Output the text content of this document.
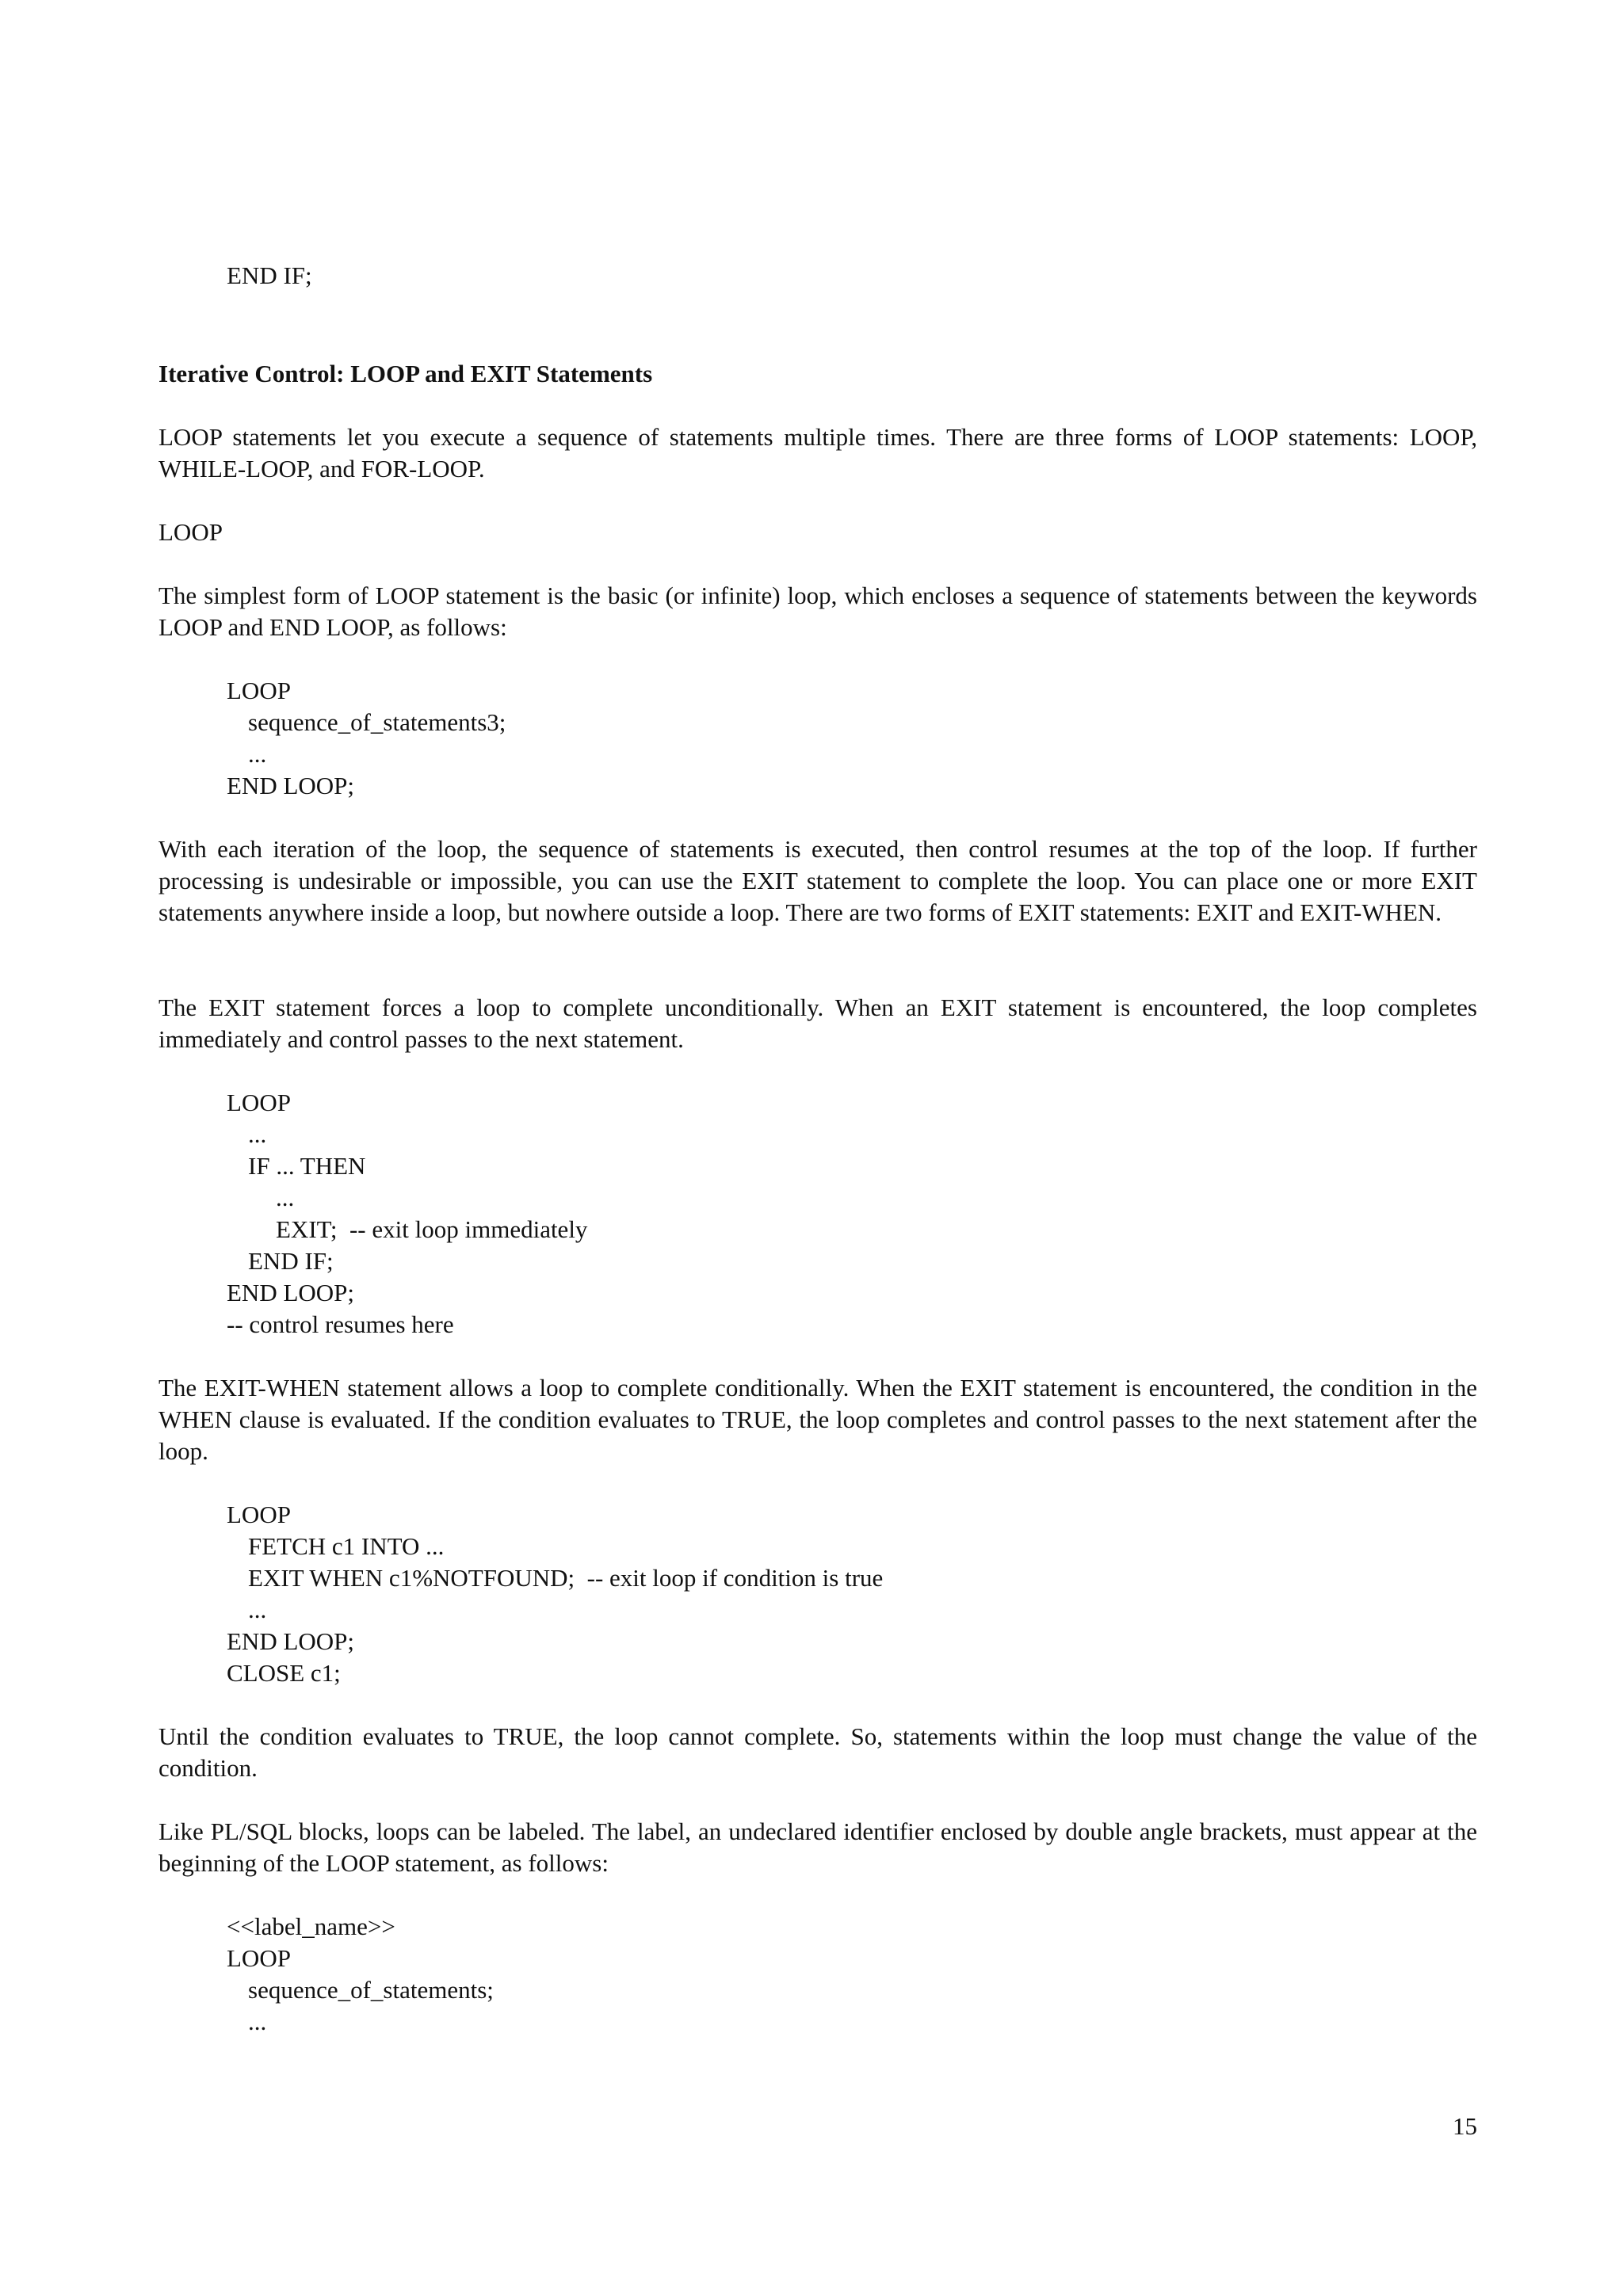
END IF;
Iterative Control: LOOP and EXIT Statements

LOOP statements let you execute a sequence of statements multiple times. There are three forms of LOOP statements: LOOP, WHILE-LOOP, and FOR-LOOP.

LOOP

The simplest form of LOOP statement is the basic (or infinite) loop, which encloses a sequence of statements between the keywords LOOP and END LOOP, as follows:

LOOP
sequence_of_statements3;
...
END LOOP;

With each iteration of the loop, the sequence of statements is executed, then control resumes at the top of the loop. If further processing is undesirable or impossible, you can use the EXIT statement to complete the loop. You can place one or more EXIT statements anywhere inside a loop, but nowhere outside a loop. There are two forms of EXIT statements: EXIT and EXIT-WHEN.

The EXIT statement forces a loop to complete unconditionally. When an EXIT statement is encountered, the loop completes immediately and control passes to the next statement.

LOOP
...
IF ... THEN
...
EXIT;  -- exit loop immediately
END IF;
END LOOP;
-- control resumes here

The EXIT-WHEN statement allows a loop to complete conditionally. When the EXIT statement is encountered, the condition in the WHEN clause is evaluated. If the condition evaluates to TRUE, the loop completes and control passes to the next statement after the loop.

LOOP
FETCH c1 INTO ...
EXIT WHEN c1%NOTFOUND;  -- exit loop if condition is true
...
END LOOP;
CLOSE c1;

Until the condition evaluates to TRUE, the loop cannot complete. So, statements within the loop must change the value of the condition.

Like PL/SQL blocks, loops can be labeled. The label, an undeclared identifier enclosed by double angle brackets, must appear at the beginning of the LOOP statement, as follows:

<<label_name>>
LOOP
sequence_of_statements;
...
15
